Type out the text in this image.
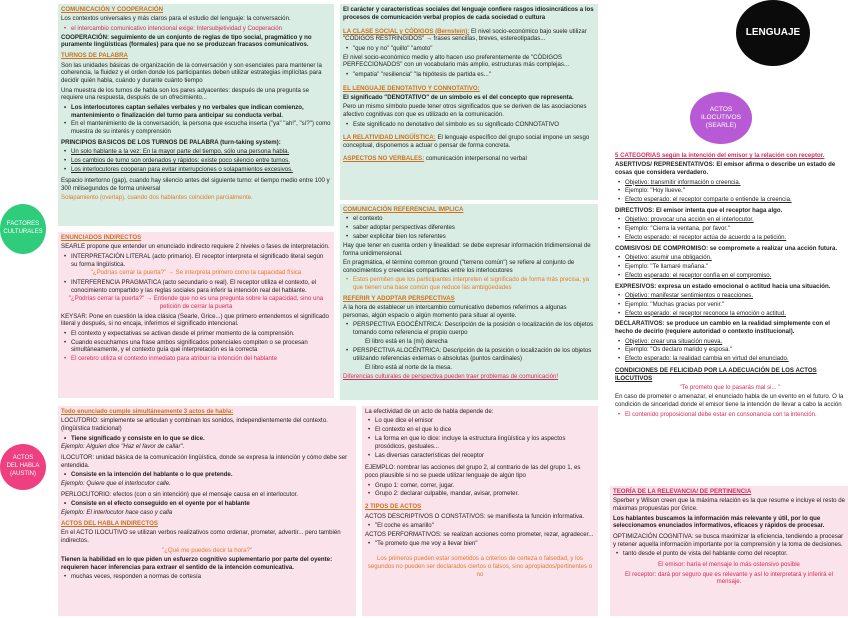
LENGUAJE
ACTOS
ILOCUTIVOS
(SEARLE)
FACTORES
CULTURALES
ACTOS
DEL HABLA
(AUSTIN)
COMUNICACIÓN Y COOPERACIÓN
Los contextos universales y más claros para el estudio del lenguaje: la conversación.
• el intercambio comunicativo intencional exige: Intersubjetividad y Cooperación
COOPERACIÓN: seguimiento de un conjunto de reglas de tipo social, pragmático y no puramente lingüísticas (formales) para que no se produzcan fracasos comunicativos.
TURNOS DE PALABRA
Son las unidades básicas de organización de la conversación y son esenciales para mantener la coherencia, la fluidez y el orden donde los participantes deben utilizar estrategias implícitas para decidir quién habla, cuándo y durante cuánto tiempo
Una muestra de los turnos de habla son los pares adyacentes: después de una pregunta se requiere una respuesta, después de un ofrecimiento...
• Los interlocutores captan señales verbales y no verbales que indican comienzo, mantenimiento o finalización del turno para anticipar su conducta verbal.
• En el mantenimiento de la conversación, la persona que escucha inserta ("ya" "ah!", "sí?") como muestra de su interés y comprensión
PRINCIPIOS BASICOS DE LOS TURNOS DE PALABRA (turn-taking system):
• Un solo hablante a la vez: En la mayor parte del tiempo, sólo una persona habla.
• Los cambios de turno son ordenados y rápidos: existe poco silencio entre turnos.
• Los interlocutores cooperan para evitar interrupciones o solapamientos excesivos.
Espacio intertorno (gap), cuando hay silencio antes del siguiente turno: el tiempo medio entre 100 y 300 milisegundos de forma universal
Solapamiento (overlap), cuando dos hablantes coinciden parcialmente.
ENUNCIADOS INDIRECTOS
SEARLE propone que entender un enunciado indirecto requiere 2 niveles o fases de interpretación.
• INTERPRETACIÓN LITERAL (acto primario). El receptor interpreta el significado literal según su forma lingüística.
"¿Podrías cerrar la puerta?" → Se interpreta primero como la capacidad física
• INTERFERENCIA PRAGMATICA (acto secundario o real). El receptor utiliza el contexto, el conocimiento compartido y las reglas sociales para inferir la intención real del hablante.
"¿Podrías cerrar la puerta?" → Entiende que no es una pregunta sobre la capacidad, sino una petición de cerrar la puerta
KEYSAR: Pone en cuestión la idea clásica (Searle, Grice...) que primero entendemos el significado literal y después, si no encaja, inferimos el significado intencional.
• El contexto y expectativas se activan desde el primer momento de la comprensión.
• Cuando escuchamos una frase ambos significados potenciales compiten o se procesan simultáneamente, y el contexto guía qué interpretación es la correcta
• El cerebro utiliza el contexto inmediato para atribuir la intención del hablante
Todo enunciado cumple simultáneamente 3 actos de habla:
LOCUTORIO: simplemente se articulan y combinan los sonidos, independientemente del contexto. (lingüística tradicional)
• Tiene significado y consiste en lo que se dice.
Ejemplo: Alguien dice "Haz el favor de callar".
ILOCUTOR: unidad básica de la comunicación lingüística, donde se expresa la intención y cómo debe ser entendida.
• Consiste en la intención del hablante o lo que pretende.
Ejemplo: Quiere que el interlocutor calle.
PERLOCUTORIO: efectos (con o sin intención) que el mensaje causa en el interlocutor.
• Consiste en el efecto conseguido en el oyente por el hablante
Ejemplo: El interlocutor hace caso y calla
ACTOS DEL HABLA INDIRECTOS
En el ACTO ILOCUTIVO se utilizan verbos realizativos como ordenar, prometer, advertir... pero también indirectos.
"¿Qué me puedes decir la hora?"
Tienen la habilidad en lo que piden un esfuerzo cognitivo suplementario por parte del oyente: requieren hacer inferencias para extraer el sentido de la intención comunicativa.
• muchas veces, responden a normas de cortesía
El carácter y características sociales del lenguaje confiere rasgos idiosincráticos a los procesos de comunicación verbal propios de cada sociedad o cultura
LA CLASE SOCIAL y CÓDIGOS (Bernstein): El nivel socio-económico bajo suele utilizar "CÓDIGOS RESTRINGIDOS" → frases sencillas, breves, estereotipadas...
• "que no y no" "quillo" "amoto"
El nivel socio-económico medio y alto hacen uso preferentemente de "CÓDIGOS PERFECCIONADOS" con un vocabulario más amplio, estructuras más complejas...
• "empatía" "resiliencia" "la hipótesis de partida es..."
EL LENGUAJE DENOTATIVO Y CONNOTATIVO:
El significado "DENOTATIVO" de un símbolo es el del concepto que representa.
Pero un mismo símbolo puede tener otros significados que se deriven de las asociaciones afectivo cognitivas con que es utilizado en la comunicación.
• Este significado no denotativo del símbolo es su significado CONNOTATIVO
LA RELATIVIDAD LINGÜÍSTICA: El lenguaje específico del grupo social impone un sesgo conceptual, disponemos a actuar o pensar de forma concreta.
ASPECTOS NO VERBALES: comunicación interpersonal no verbal
COMUNICACIÓN REFERENCIAL IMPLICA
• el contexto
• saber adoptar perspectivas diferentes
• saber explicitar bien los referentes
Hay que tener en cuenta orden y linealidad: se debe expresar información tridimensional de forma unidimensional.
En pragmática, el término common ground ("terreno común") se refiere al conjunto de conocimientos y creencias compartidas entre los interlocutores
• Estos permiten que los participantes interpreten el significado de forma más precisa, ya que tienen una base común que reduce las ambigüedades
REFERIR Y ADOPTAR PERSPECTIVAS
A la hora de establecer un intercambio comunicativo debemos referirnos a algunas personas, algún espacio o algún momento para situar al oyente.
• PERSPECTIVA EGOCÉNTRICA: Descripción de la posición o localización de los objetos tomando como referencia el propio cuerpo
El libro está en la (mi) derecha
• PERSPECTIVA ALOCÉNTRICA: Descripción de la posición o localización de los objetos utilizando referencias externas o absolutas (puntos cardinales)
El libro está al norte de la mesa.
Diferencias culturales de perspectiva pueden traer problemas de comunicación!
La efectividad de un acto de habla depende de:
• Lo que dice el emisor
• El contexto en el que lo dice
• La forma en que lo dice: incluye la estructura lingüística y los aspectos prosódicos, gestuales...
• Las diversas características del receptor
EJEMPLO: nombrar las acciones del grupo 2, al contrario de las del grupo 1, es poco plausible si no se puede utilizar lenguaje de algún tipo
• Grupo 1: comer, correr, jugar.
• Grupo 2: declarar culpable, mandar, avisar, prometer.
2 TIPOS DE ACTOS
ACTOS DESCRIPTIVOS O CONSTATIVOS: se manifiesta la función informativa.
• "El coche es amarillo"
ACTOS PERFORMATIVOS: se realizan acciones como prometer, rezar, agradecer...
• "Te prometo que me voy a llevar bien"
Los primeros pueden estar sometidos a criterios de certeza o falsedad, y los segundos no pueden ser declarados ciertos o falsos, sino apropiados/pertinentes o no
5 CATEGORIAS según la intención del emisor y la relación con receptor.
ASERTIVOS/ REPRESENTATIVOS: El emisor afirma o describe un estado de cosas que considera verdadero.
• Objetivo: transmitir información o creencia.
• Ejemplo: "Hoy llueve."
• Efecto esperado: el receptor comparte o entiende la creencia.
DIRECTIVOS: El emisor intenta que el receptor haga algo.
• Objetivo: provocar una acción en el interlocutor.
• Ejemplo: "Cierra la ventana, por favor."
• Efecto esperado: el receptor actúa de acuerdo a la petición.
COMISIVOS/ DE COMPROMISO: se compromete a realizar una acción futura.
• Objetivo: asumir una obligación.
• Ejemplo: "Te llamaré mañana."
• Efecto esperado: el receptor confía en el compromiso.
EXPRESIVOS: expresa un estado emocional o actitud hacia una situación.
• Objetivo: manifestar sentimientos o reacciones.
• Ejemplo: "Muchas gracias por venir."
• Efecto esperado: el receptor reconoce la emoción o actitud.
DECLARATIVOS: se produce un cambio en la realidad simplemente con el hecho de decirlo (requiere autoridad o contexto institucional).
• Objetivo: crear una situación nueva.
• Ejemplo: "Os declaro marido y esposa."
• Efecto esperado: la realidad cambia en virtud del enunciado.
CONDICIONES DE FELICIDAD POR LA ADECUACIÓN DE LOS ACTOS ILOCUTIVOS
"Te prometo que lo pasarás mal si... "
En caso de prometer o amenazar, el enunciado habla de un evento en el futuro. O la condición de sinceridad donde el emisor tiene la intención de llevar a cabo la acción
• El contenido proposicional debe estar en consonancia con la intención.
TEORÍA DE LA RELEVANCIA/ DE PERTINENCIA
Sperber y Wilson creen que la máxima relación es la que resume e incluye el resto de máximas propuestas por Grice.
Los hablantes buscamos la información más relevante y útil, por lo que seleccionamos enunciados informativos, eficaces y rápidos de procesar.
OPTIMIZACIÓN COGNITIVA: se busca maximizar la eficiencia, tendiendo a procesar y retener aquella información importante por la comprensión y la toma de decisiones.
• tanto desde el punto de vista del hablante como del receptor.
El emisor: haría el mensaje lo más ostensivo posible
El receptor: dará por seguro que es relevante y así lo interpretará y inferirá el mensaje.
